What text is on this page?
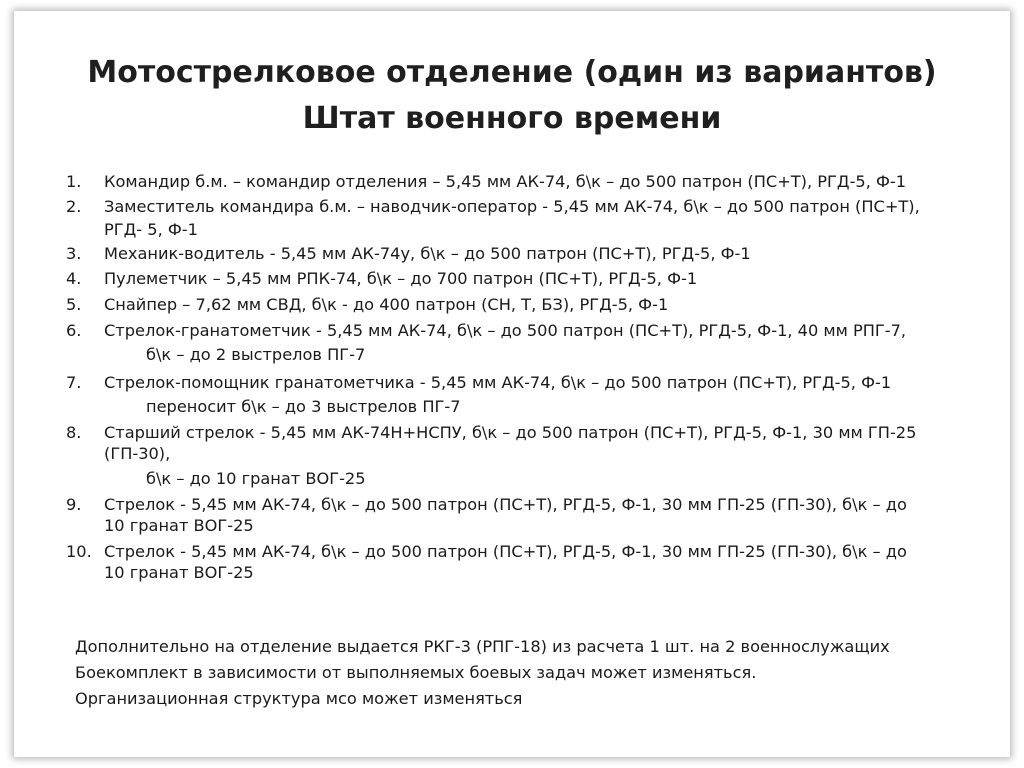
Мотострелковое отделение (один из вариантов)
Штат военного времени
1. Командир б.м. – командир отделения – 5,45 мм АК-74, б\к – до 500 патрон (ПС+Т), РГД-5, Ф-1
2. Заместитель командира б.м. – наводчик-оператор - 5,45 мм АК-74, б\к – до 500 патрон (ПС+Т),
РГД- 5, Ф-1
3. Механик-водитель - 5,45 мм АК-74у, б\к – до 500 патрон (ПС+Т), РГД-5, Ф-1
4. Пулеметчик – 5,45 мм РПК-74, б\к – до 700 патрон (ПС+Т), РГД-5, Ф-1
5. Снайпер – 7,62 мм СВД, б\к - до 400 патрон (СН, Т, БЗ), РГД-5, Ф-1
6. Стрелок-гранатометчик - 5,45 мм АК-74, б\к – до 500 патрон (ПС+Т), РГД-5, Ф-1, 40 мм РПГ-7,
б\к – до 2 выстрелов ПГ-7
7. Стрелок-помощник гранатометчика - 5,45 мм АК-74, б\к – до 500 патрон (ПС+Т), РГД-5, Ф-1
переносит б\к – до 3 выстрелов ПГ-7
8. Старший стрелок - 5,45 мм АК-74Н+НСПУ, б\к – до 500 патрон (ПС+Т), РГД-5, Ф-1, 30 мм ГП-25
(ГП-30),
б\к – до 10 гранат ВОГ-25
9. Стрелок - 5,45 мм АК-74, б\к – до 500 патрон (ПС+Т), РГД-5, Ф-1, 30 мм ГП-25 (ГП-30), б\к – до
10 гранат ВОГ-25
10. Стрелок - 5,45 мм АК-74, б\к – до 500 патрон (ПС+Т), РГД-5, Ф-1, 30 мм ГП-25 (ГП-30), б\к – до
10 гранат ВОГ-25
Дополнительно на отделение выдается РКГ-3 (РПГ-18) из расчета 1 шт. на 2 военнослужащих
Боекомплект в зависимости от выполняемых боевых задач может изменяться.
Организационная структура мсо может изменяться
